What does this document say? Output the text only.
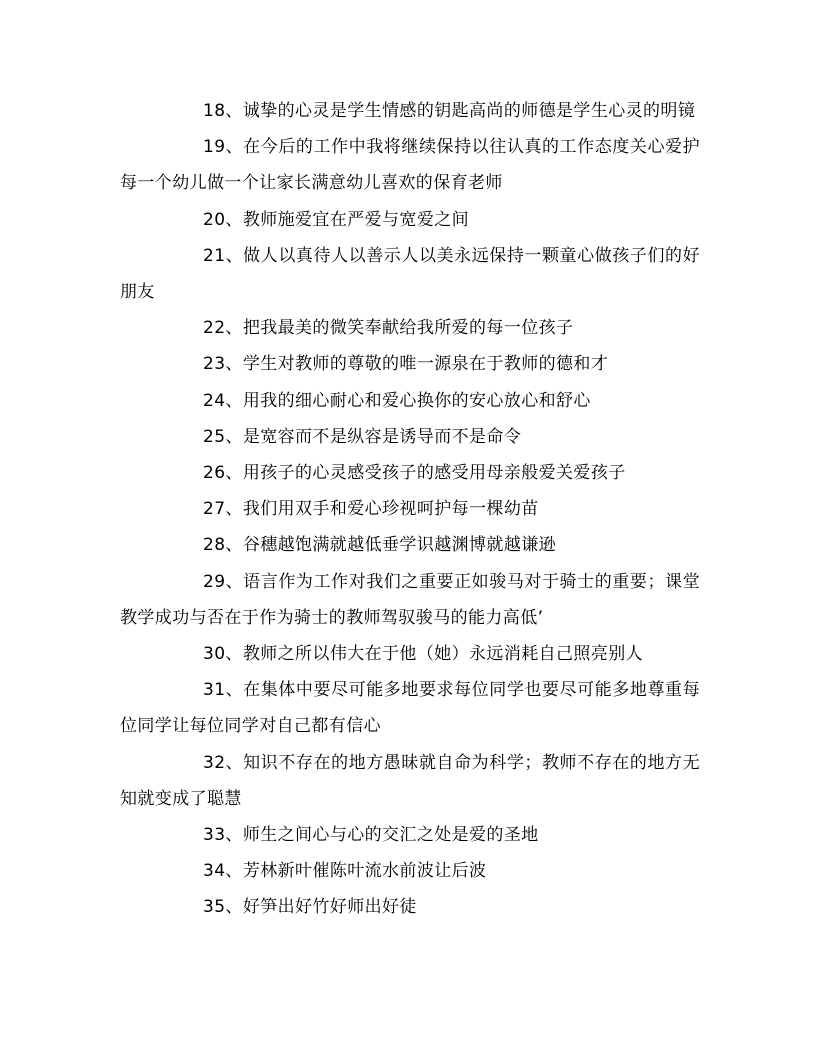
18、诚挚的心灵是学生情感的钥匙高尚的师德是学生心灵的明镜

19、在今后的工作中我将继续保持以往认真的工作态度关心爱护每一个幼儿做一个让家长满意幼儿喜欢的保育老师

20、教师施爱宜在严爱与宽爱之间

21、做人以真待人以善示人以美永远保持一颗童心做孩子们的好朋友

22、把我最美的微笑奉献给我所爱的每一位孩子

23、学生对教师的尊敬的唯一源泉在于教师的德和才

24、用我的细心耐心和爱心换你的安心放心和舒心

25、是宽容而不是纵容是诱导而不是命令

26、用孩子的心灵感受孩子的感受用母亲般爱关爱孩子

27、我们用双手和爱心珍视呵护每一棵幼苗

28、谷穗越饱满就越低垂学识越渊博就越谦逊

29、语言作为工作对我们之重要正如骏马对于骑士的重要；课堂教学成功与否在于作为骑士的教师驾驭骏马的能力高低’

30、教师之所以伟大在于他（她）永远消耗自己照亮别人

31、在集体中要尽可能多地要求每位同学也要尽可能多地尊重每位同学让每位同学对自己都有信心

32、知识不存在的地方愚昧就自命为科学；教师不存在的地方无知就变成了聪慧

33、师生之间心与心的交汇之处是爱的圣地

34、芳林新叶催陈叶流水前波让后波

35、好笋出好竹好师出好徒
